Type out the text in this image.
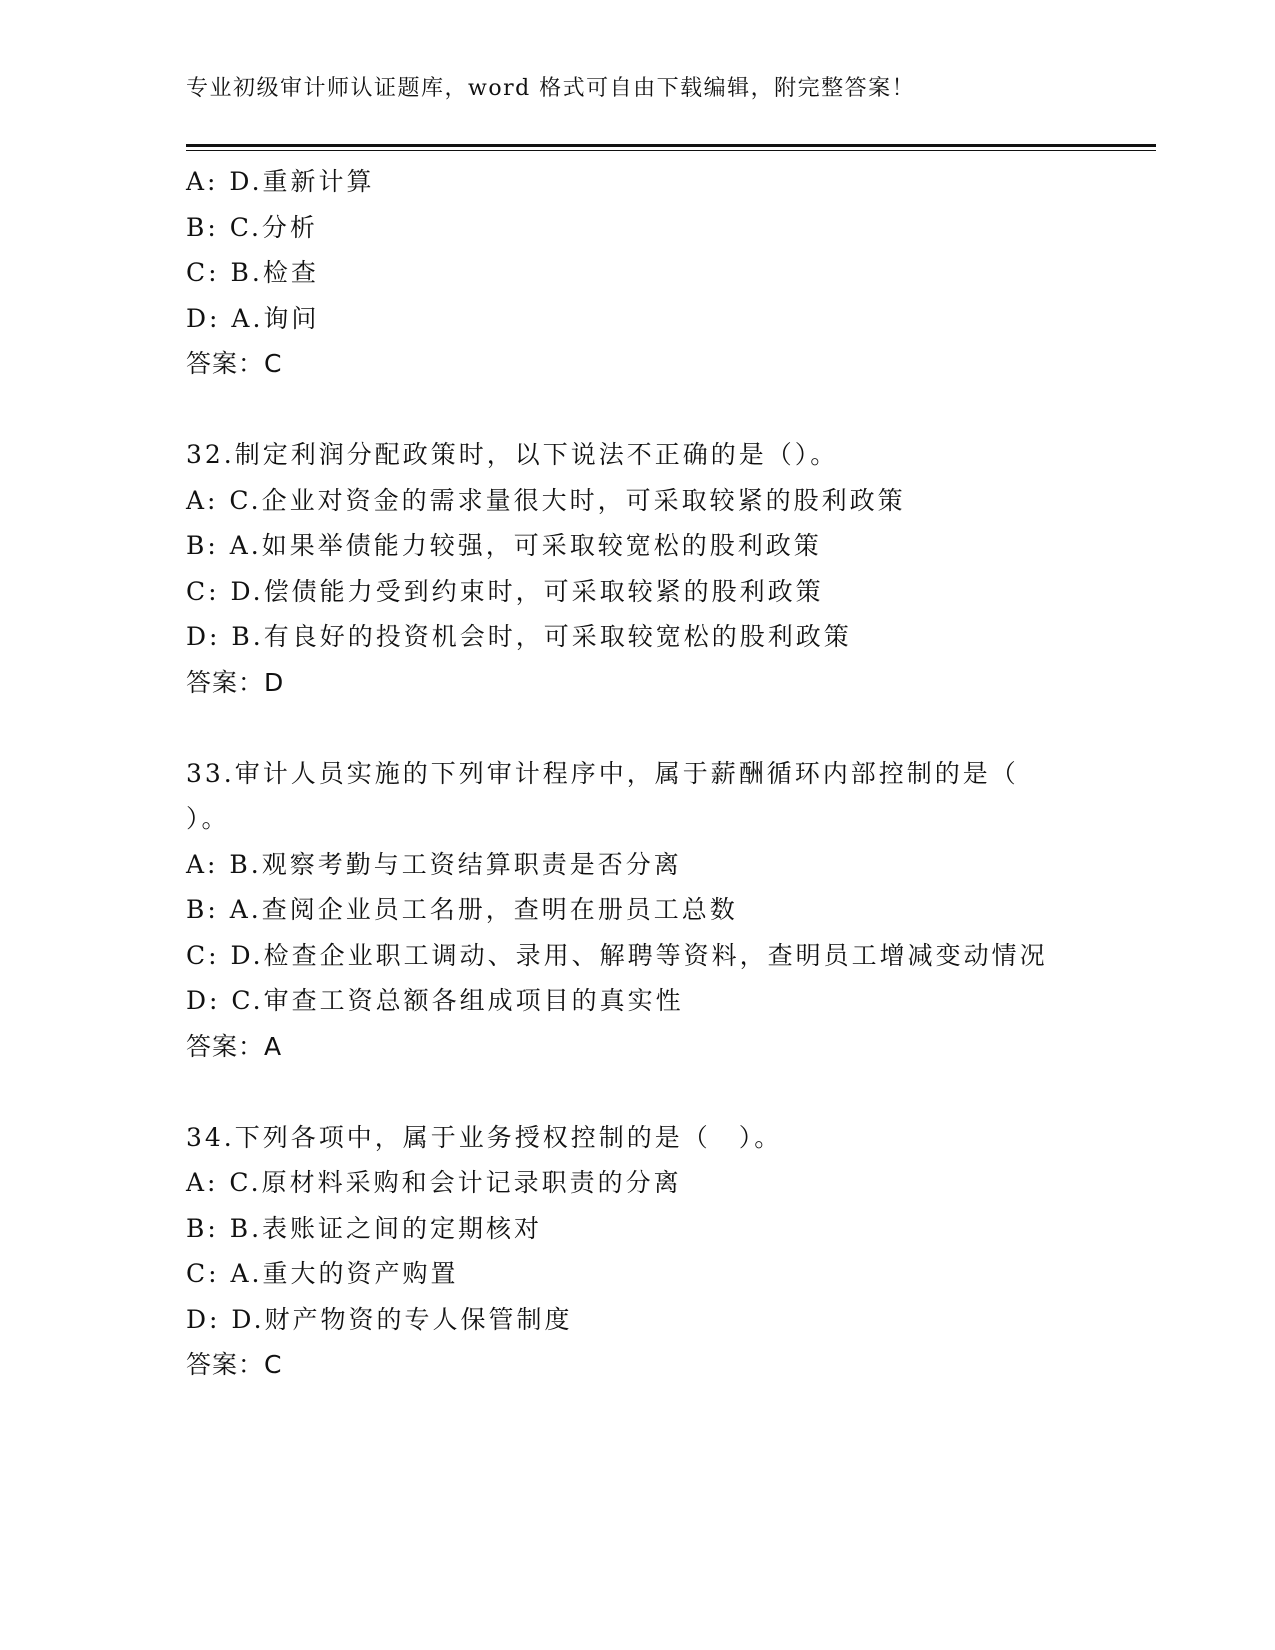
专业初级审计师认证题库，word 格式可自由下载编辑，附完整答案！
A: D.重新计算
B: C.分析
C: B.检查
D: A.询问
答案：C
32.制定利润分配政策时，以下说法不正确的是（）。
A: C.企业对资金的需求量很大时，可采取较紧的股利政策
B: A.如果举债能力较强，可采取较宽松的股利政策
C: D.偿债能力受到约束时，可采取较紧的股利政策
D: B.有良好的投资机会时，可采取较宽松的股利政策
答案：D
33.审计人员实施的下列审计程序中，属于薪酬循环内部控制的是（
）。
A: B.观察考勤与工资结算职责是否分离
B: A.查阅企业员工名册，查明在册员工总数
C: D.检查企业职工调动、录用、解聘等资料，查明员工增减变动情况
D: C.审查工资总额各组成项目的真实性
答案：A
34.下列各项中，属于业务授权控制的是（　）。
A: C.原材料采购和会计记录职责的分离
B: B.表账证之间的定期核对
C: A.重大的资产购置
D: D.财产物资的专人保管制度
答案：C
